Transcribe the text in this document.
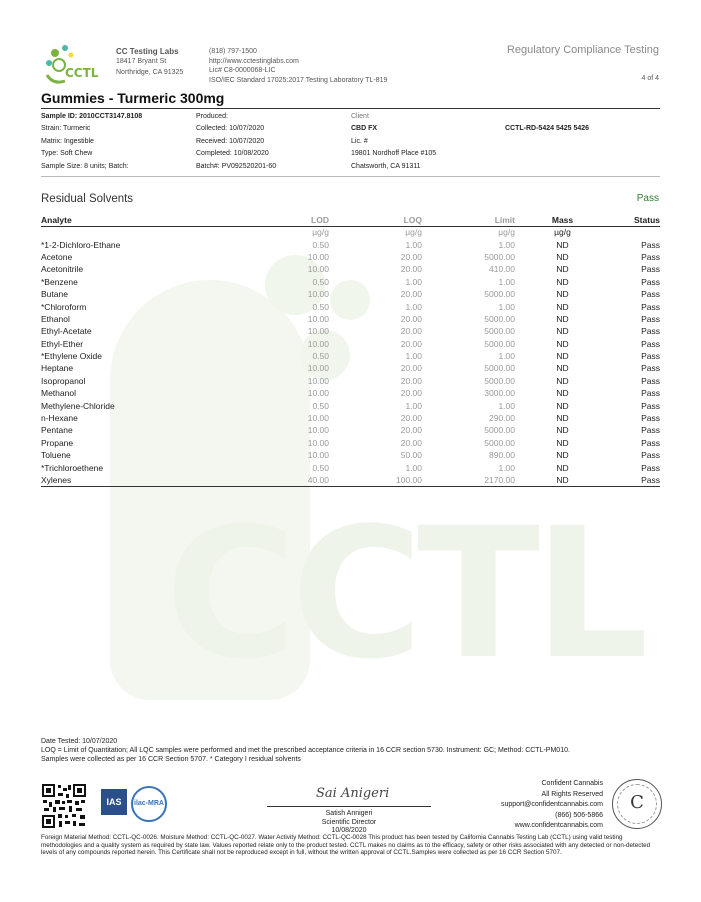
CCTL
CCTL
CC Testing Labs
18417 Bryant St
Northridge, CA 91325
(818) 797-1500
http://www.cctestinglabs.com
Lic# C8-0000068-LIC
ISO/IEC Standard 17025:2017 Testing Laboratory TL-819
Regulatory Compliance Testing
4 of 4
Gummies - Turmeric 300mg
Sample ID: 2010CCT3147.8108
Strain: Turmeric
Matrix: Ingestible
Type: Soft Chew
Sample Size: 8 units; Batch:
Produced:
Collected: 10/07/2020
Received: 10/07/2020
Completed: 10/08/2020
Batch#: PV092520201-60
Client
CBD FX
Lic. #
19801 Nordhoff Place #105
Chatsworth, CA 91311
CCTL-RD-5424 5425 5426
Residual Solvents	Pass
Analyte	LOD	LOQ	Limit	Mass	Status
	µg/g	µg/g	µg/g	µg/g	
*1-2-Dichloro-Ethane	0.50	1.00	1.00	ND	Pass
Acetone	10.00	20.00	5000.00	ND	Pass
Acetonitrile	10.00	20.00	410.00	ND	Pass
*Benzene	0.50	1.00	1.00	ND	Pass
Butane	10.00	20.00	5000.00	ND	Pass
*Chloroform	0.50	1.00	1.00	ND	Pass
Ethanol	10.00	20.00	5000.00	ND	Pass
Ethyl-Acetate	10.00	20.00	5000.00	ND	Pass
Ethyl-Ether	10.00	20.00	5000.00	ND	Pass
*Ethylene Oxide	0.50	1.00	1.00	ND	Pass
Heptane	10.00	20.00	5000.00	ND	Pass
Isopropanol	10.00	20.00	5000.00	ND	Pass
Methanol	10.00	20.00	3000.00	ND	Pass
Methylene-Chloride	0.50	1.00	1.00	ND	Pass
n-Hexane	10.00	20.00	290.00	ND	Pass
Pentane	10.00	20.00	5000.00	ND	Pass
Propane	10.00	20.00	5000.00	ND	Pass
Toluene	10.00	50.00	890.00	ND	Pass
*Trichloroethene	0.50	1.00	1.00	ND	Pass
Xylenes	40.00	100.00	2170.00	ND	Pass
Date Tested: 10/07/2020
LOQ = Limit of Quantitation; All LQC samples were performed and met the prescribed acceptance criteria in 16 CCR section 5730. Instrument: GC; Method: CCTL-PM010.
Samples were collected as per 16 CCR Section 5707. * Category I residual solvents
IAS	ilac-MRA
Sai Anigeri
Satish Annigeri
Scientific Director
10/08/2020
Confident Cannabis
All Rights Reserved
support@confidentcannabis.com
(866) 506-5866
www.confidentcannabis.com
C
Foreign Material Method: CCTL-QC-0026. Moisture Method: CCTL-QC-0027. Water Activity Method: CCTL-QC-0028 This product has been tested by California Cannabis Testing Lab (CCTL) using valid testing methodologies and a quality system as required by state law. Values reported relate only to the product tested. CCTL makes no claims as to the efficacy, safety or other risks associated with any detected or non-detected levels of any compounds reported herein. This Certificate shall not be reproduced except in full, without the written approval of CCTL.Samples were collected as per 16 CCR Section 5707.
